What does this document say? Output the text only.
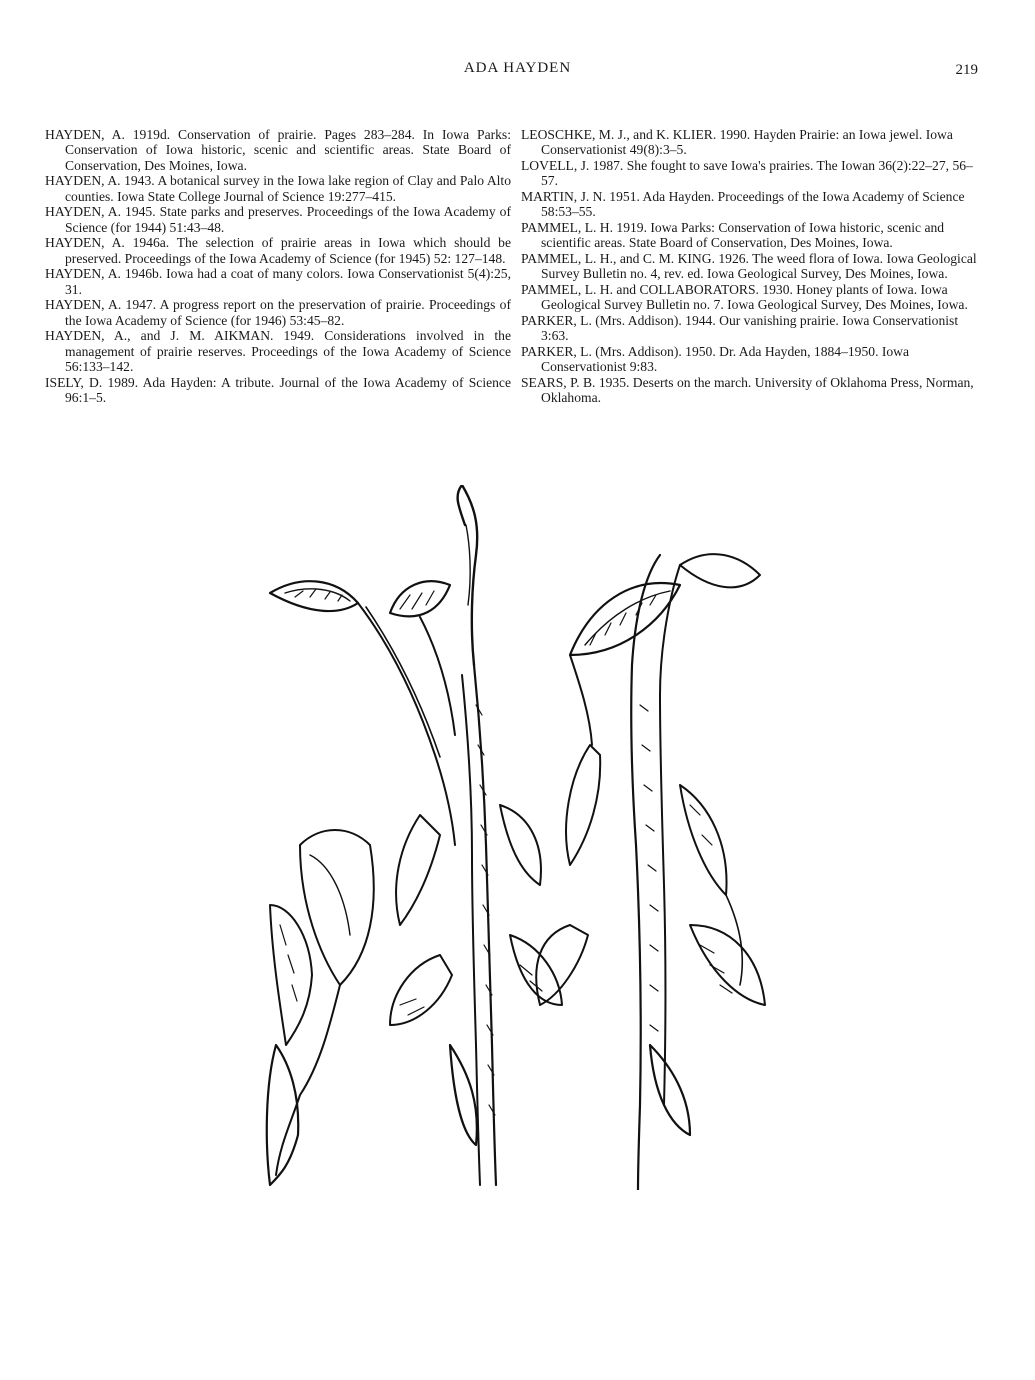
ADA HAYDEN	219

HAYDEN, A. 1919d. Conservation of prairie. Pages 283–284. In Iowa Parks: Conservation of Iowa historic, scenic and scientific areas. State Board of Conservation, Des Moines, Iowa.

HAYDEN, A. 1943. A botanical survey in the Iowa lake region of Clay and Palo Alto counties. Iowa State College Journal of Science 19:277–415.

HAYDEN, A. 1945. State parks and preserves. Proceedings of the Iowa Academy of Science (for 1944) 51:43–48.

HAYDEN, A. 1946a. The selection of prairie areas in Iowa which should be preserved. Proceedings of the Iowa Academy of Science (for 1945) 52: 127–148.

HAYDEN, A. 1946b. Iowa had a coat of many colors. Iowa Conservationist 5(4):25, 31.

HAYDEN, A. 1947. A progress report on the preservation of prairie. Proceedings of the Iowa Academy of Science (for 1946) 53:45–82.

HAYDEN, A., and J. M. AIKMAN. 1949. Considerations involved in the management of prairie reserves. Proceedings of the Iowa Academy of Science 56:133–142.

ISELY, D. 1989. Ada Hayden: A tribute. Journal of the Iowa Academy of Science 96:1–5.

LEOSCHKE, M. J., and K. KLIER. 1990. Hayden Prairie: an Iowa jewel. Iowa Conservationist 49(8):3–5.

LOVELL, J. 1987. She fought to save Iowa's prairies. The Iowan 36(2):22–27, 56–57.

MARTIN, J. N. 1951. Ada Hayden. Proceedings of the Iowa Academy of Science 58:53–55.

PAMMEL, L. H. 1919. Iowa Parks: Conservation of Iowa historic, scenic and scientific areas. State Board of Conservation, Des Moines, Iowa.

PAMMEL, L. H., and C. M. KING. 1926. The weed flora of Iowa. Iowa Geological Survey Bulletin no. 4, rev. ed. Iowa Geological Survey, Des Moines, Iowa.

PAMMEL, L. H. and COLLABORATORS. 1930. Honey plants of Iowa. Iowa Geological Survey Bulletin no. 7. Iowa Geological Survey, Des Moines, Iowa.

PARKER, L. (Mrs. Addison). 1944. Our vanishing prairie. Iowa Conservationist 3:63.

PARKER, L. (Mrs. Addison). 1950. Dr. Ada Hayden, 1884–1950. Iowa Conservationist 9:83.

SEARS, P. B. 1935. Deserts on the march. University of Oklahoma Press, Norman, Oklahoma.
